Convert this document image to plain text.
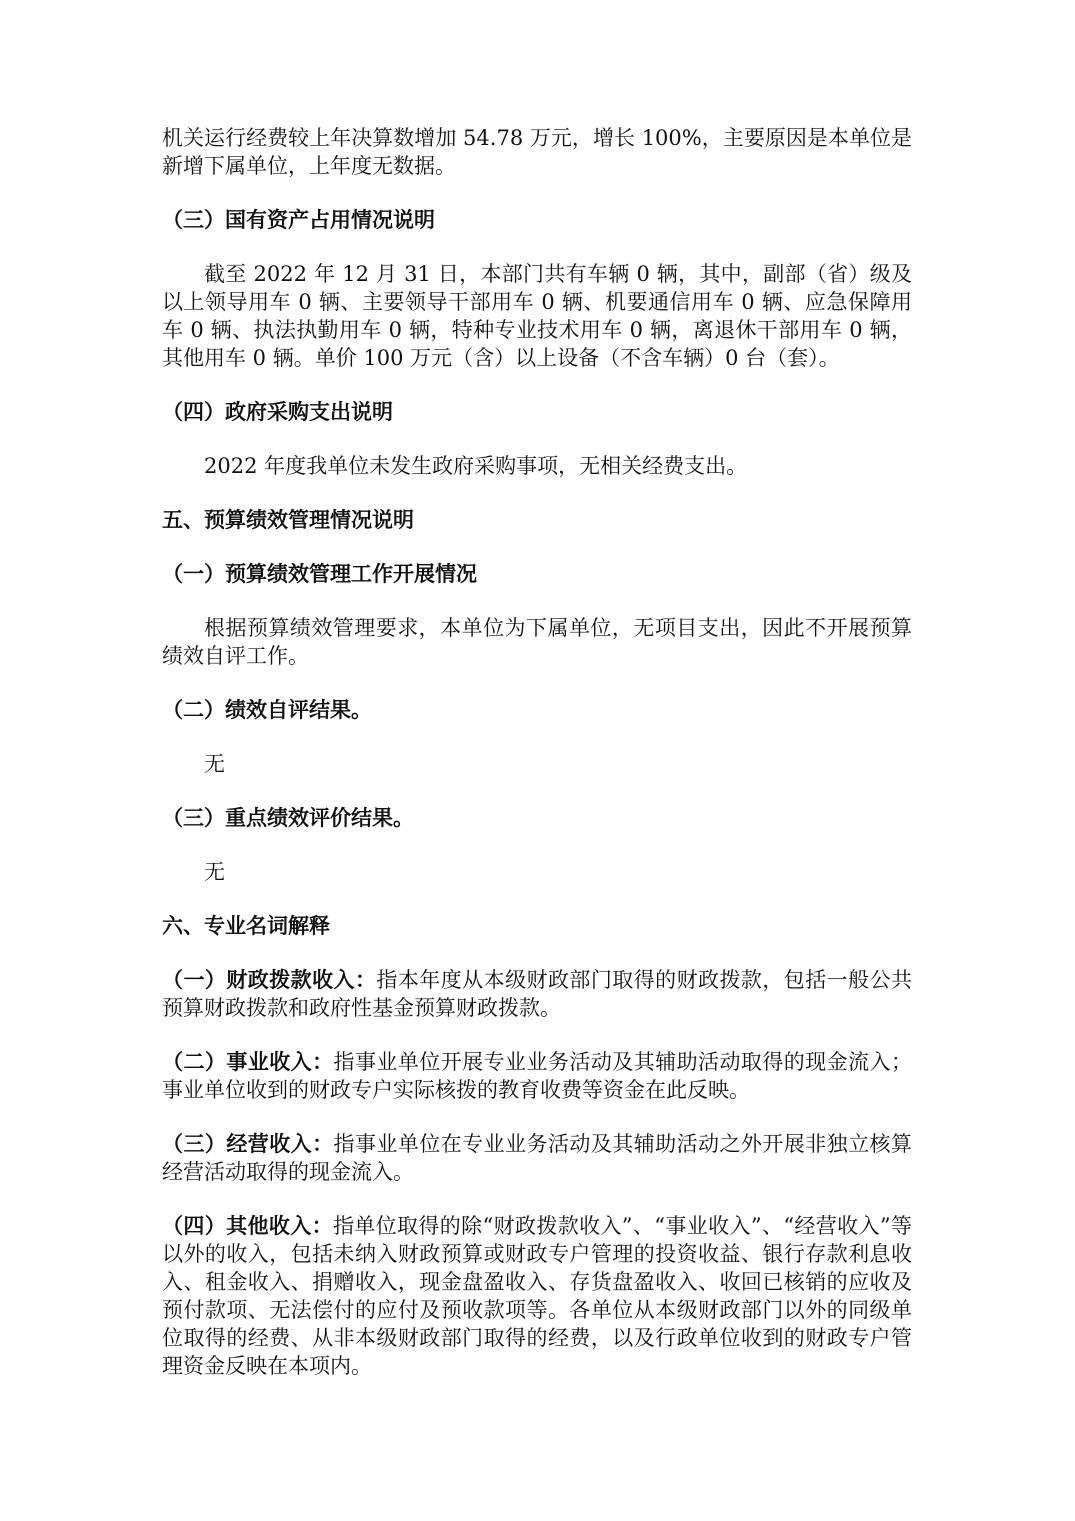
机关运行经费较上年决算数增加 54.78 万元，增长 100%，主要原因是本单位是新增下属单位，上年度无数据。

（三）国有资产占用情况说明

截至 2022 年 12 月 31 日，本部门共有车辆 0 辆，其中，副部（省）级及以上领导用车 0 辆、主要领导干部用车 0 辆、机要通信用车 0 辆、应急保障用车 0 辆、执法执勤用车 0 辆，特种专业技术用车 0 辆，离退休干部用车 0 辆，其他用车 0 辆。单价 100 万元（含）以上设备（不含车辆）0 台（套）。

（四）政府采购支出说明

2022 年度我单位未发生政府采购事项，无相关经费支出。

五、预算绩效管理情况说明

（一）预算绩效管理工作开展情况

根据预算绩效管理要求，本单位为下属单位，无项目支出，因此不开展预算绩效自评工作。

（二）绩效自评结果。

无

（三）重点绩效评价结果。

无

六、专业名词解释

（一）财政拨款收入：指本年度从本级财政部门取得的财政拨款，包括一般公共预算财政拨款和政府性基金预算财政拨款。

（二）事业收入：指事业单位开展专业业务活动及其辅助活动取得的现金流入；事业单位收到的财政专户实际核拨的教育收费等资金在此反映。

（三）经营收入：指事业单位在专业业务活动及其辅助活动之外开展非独立核算经营活动取得的现金流入。

（四）其他收入：指单位取得的除“财政拨款收入”、“事业收入”、“经营收入”等以外的收入，包括未纳入财政预算或财政专户管理的投资收益、银行存款利息收入、租金收入、捐赠收入，现金盘盈收入、存货盘盈收入、收回已核销的应收及预付款项、无法偿付的应付及预收款项等。各单位从本级财政部门以外的同级单位取得的经费、从非本级财政部门取得的经费，以及行政单位收到的财政专户管理资金反映在本项内。
